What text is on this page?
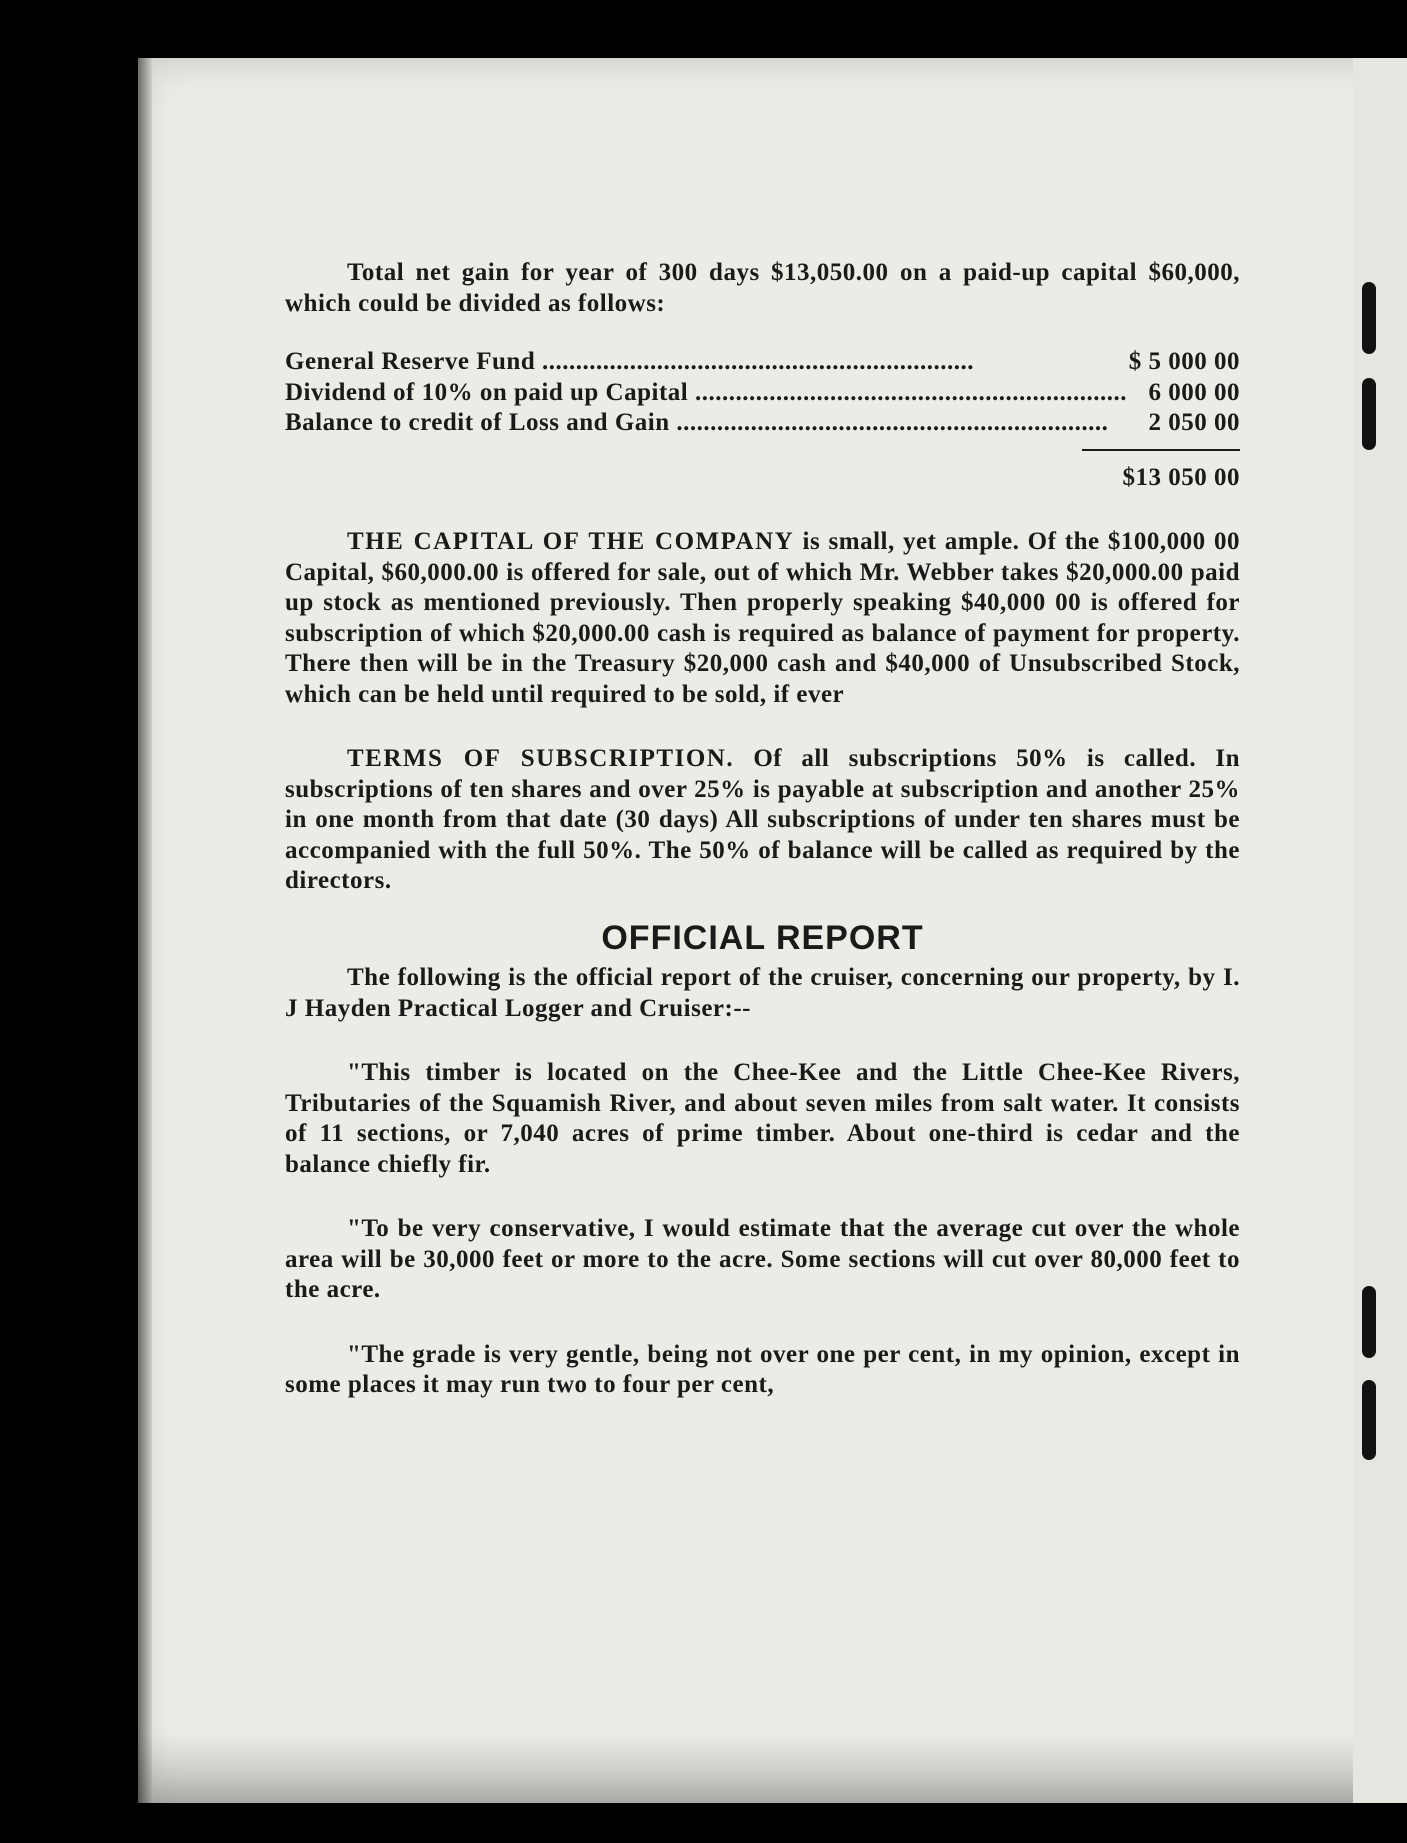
Total net gain for year of 300 days $13,050.00 on a paid-up capital $60,000, which could be divided as follows:

General Reserve Fund .....	$ 5 000 00
Dividend of 10% on paid up Capital .....	6 000 00
Balance to credit of Loss and Gain .....	2 050 00
$13 050 00

THE CAPITAL OF THE COMPANY is small, yet ample. Of the $100,000 00 Capital, $60,000.00 is offered for sale, out of which Mr. Webber takes $20,000.00 paid up stock as mentioned previously. Then properly speaking $40,000 00 is offered for subscription of which $20,000.00 cash is required as balance of payment for property. There then will be in the Treasury $20,000 cash and $40,000 of Unsubscribed Stock, which can be held until required to be sold, if ever

TERMS OF SUBSCRIPTION. Of all subscriptions 50% is called. In subscriptions of ten shares and over 25% is payable at subscription and another 25% in one month from that date (30 days) All subscriptions of under ten shares must be accompanied with the full 50%. The 50% of balance will be called as required by the directors.

OFFICIAL REPORT

The following is the official report of the cruiser, concerning our property, by I. J Hayden Practical Logger and Cruiser:--

"This timber is located on the Chee-Kee and the Little Chee-Kee Rivers, Tributaries of the Squamish River, and about seven miles from salt water. It consists of 11 sections, or 7,040 acres of prime timber. About one-third is cedar and the balance chiefly fir.

"To be very conservative, I would estimate that the average cut over the whole area will be 30,000 feet or more to the acre. Some sections will cut over 80,000 feet to the acre.

"The grade is very gentle, being not over one per cent, in my opinion, except in some places it may run two to four per cent,
